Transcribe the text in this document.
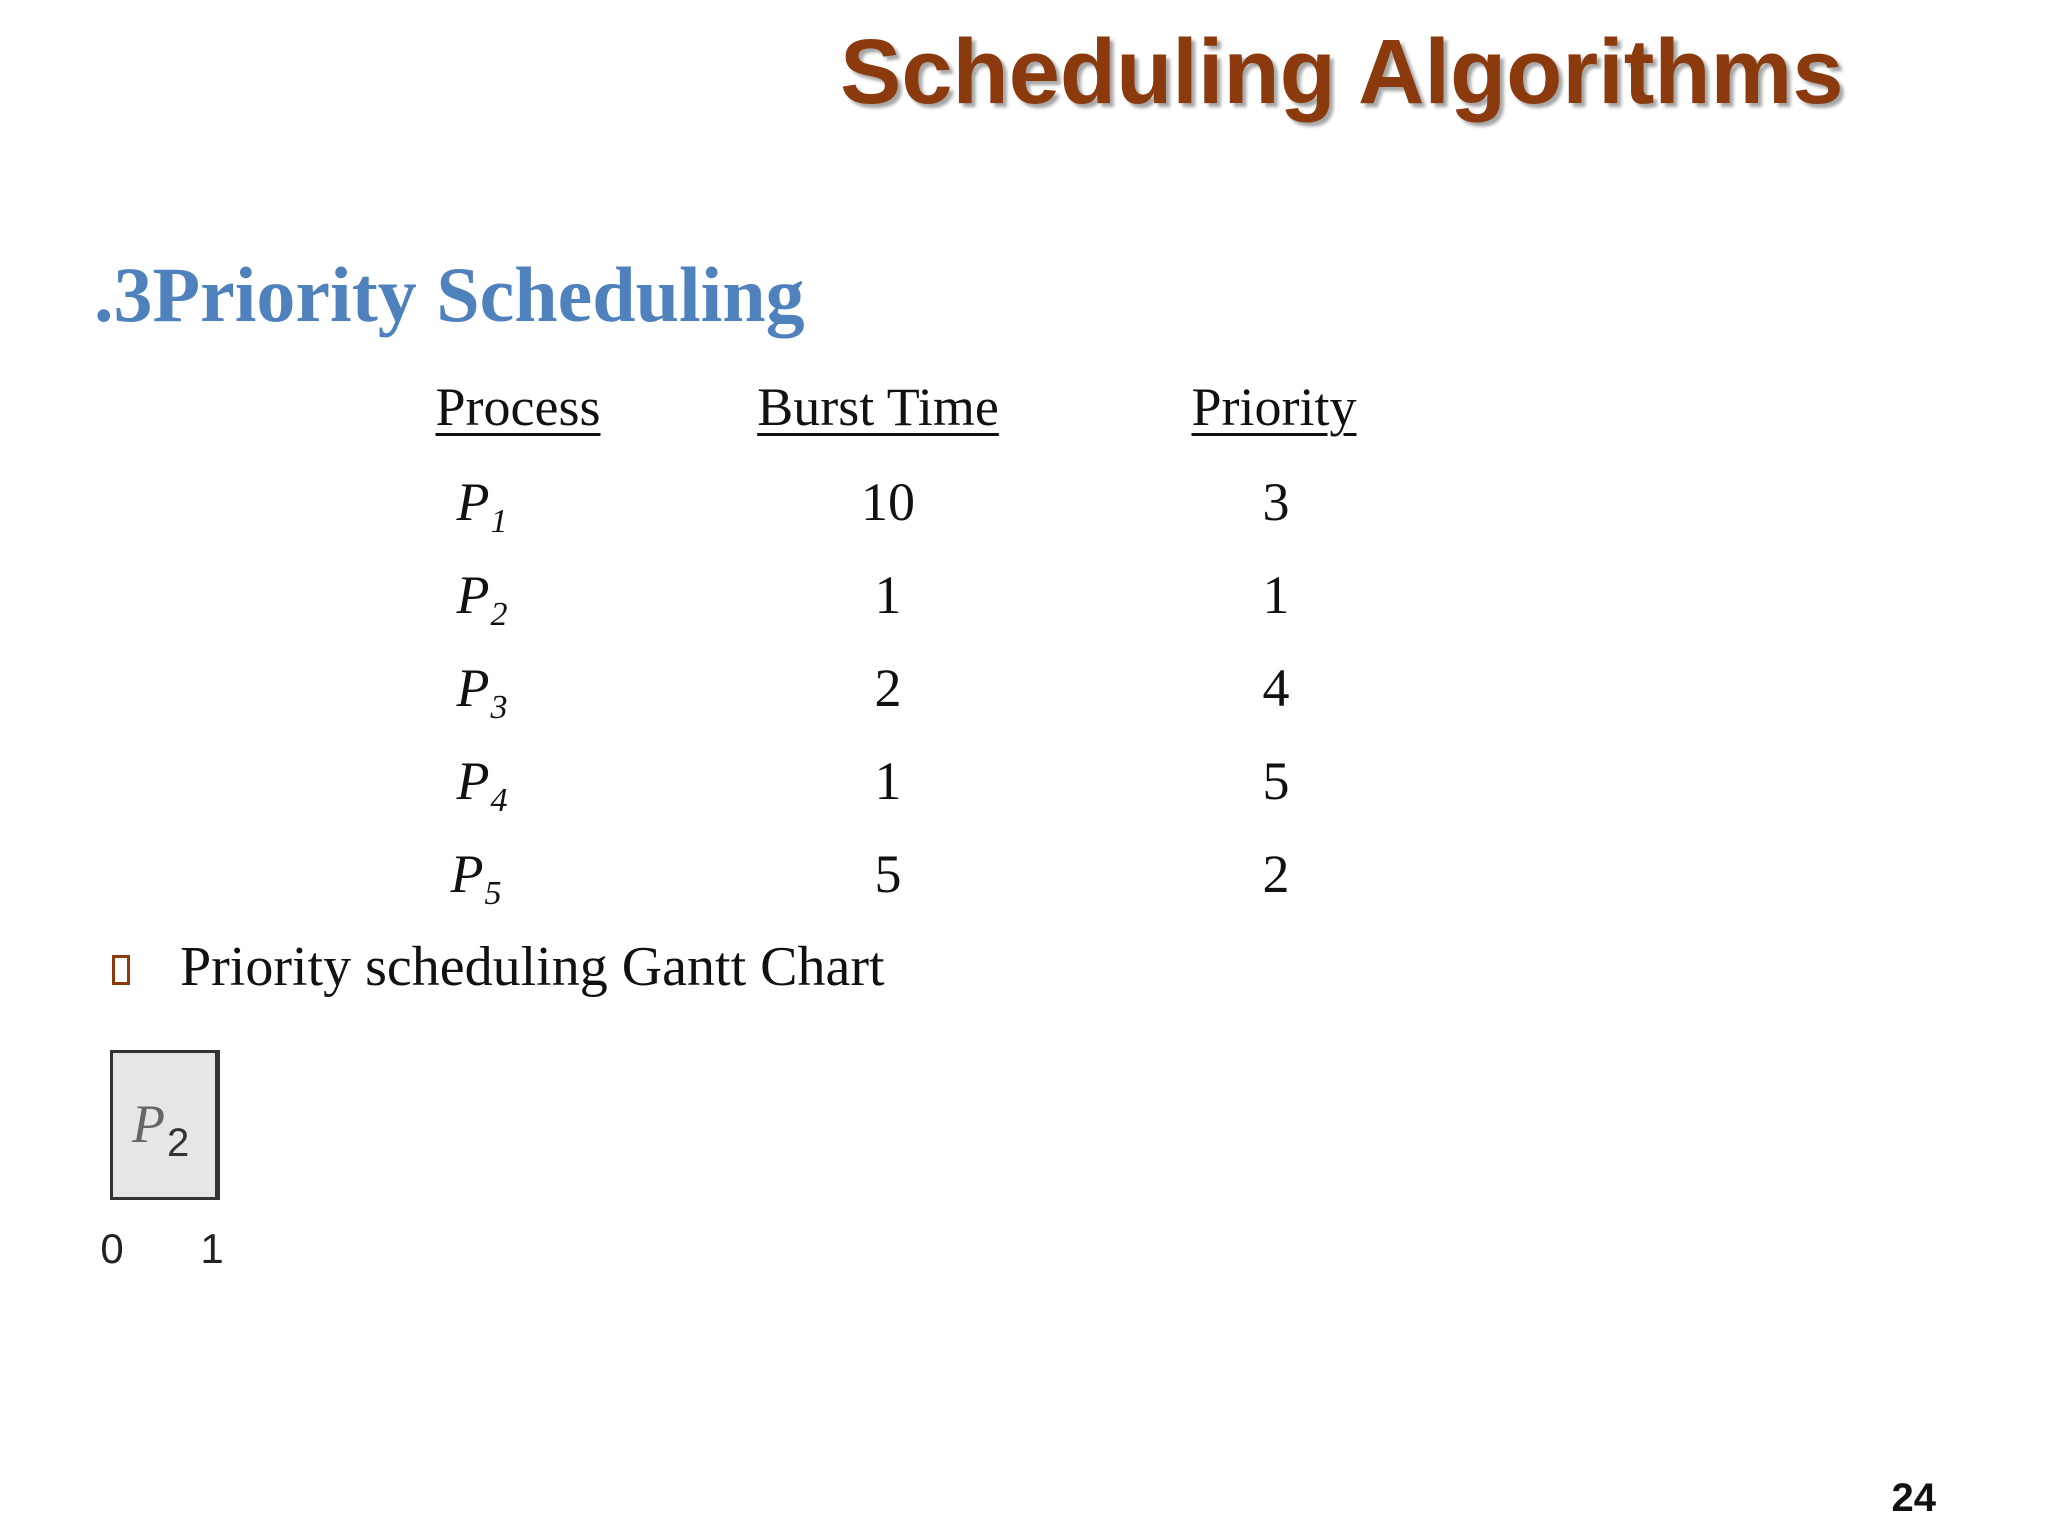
Scheduling Algorithms
.3Priority Scheduling
Process	Burst Time	Priority
$P_1$	10	3
$P_2$	1	1
$P_3$	2	4
$P_4$	1	5
$P_5$	5	2
Priority scheduling Gantt Chart
$P_2$
0 1
24
